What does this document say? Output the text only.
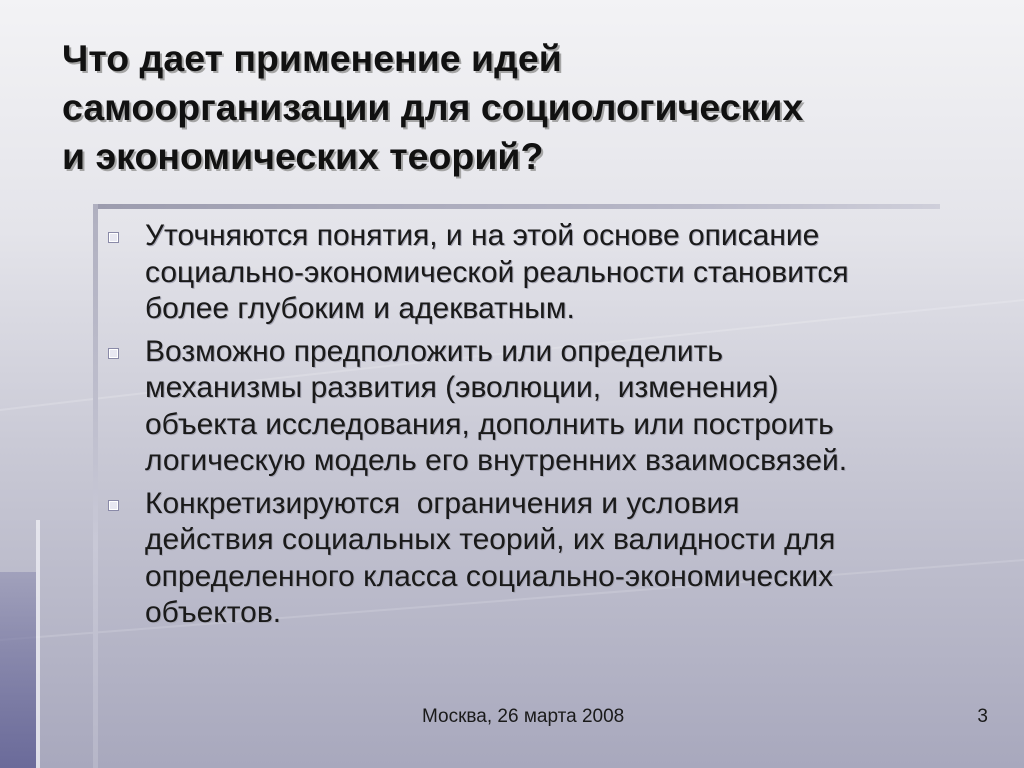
Что дает применение идей
самоорганизации для социологических
и экономических теорий?
Уточняются понятия, и на этой основе описание
социально-экономической реальности становится
более глубоким и адекватным.
Возможно предположить или определить
механизмы развития (эволюции,  изменения)
объекта исследования, дополнить или построить
логическую модель его внутренних взаимосвязей.
Конкретизируются  ограничения и условия
действия социальных теорий, их валидности для
определенного класса социально-экономических
объектов.
Москва, 26 марта 2008	3
